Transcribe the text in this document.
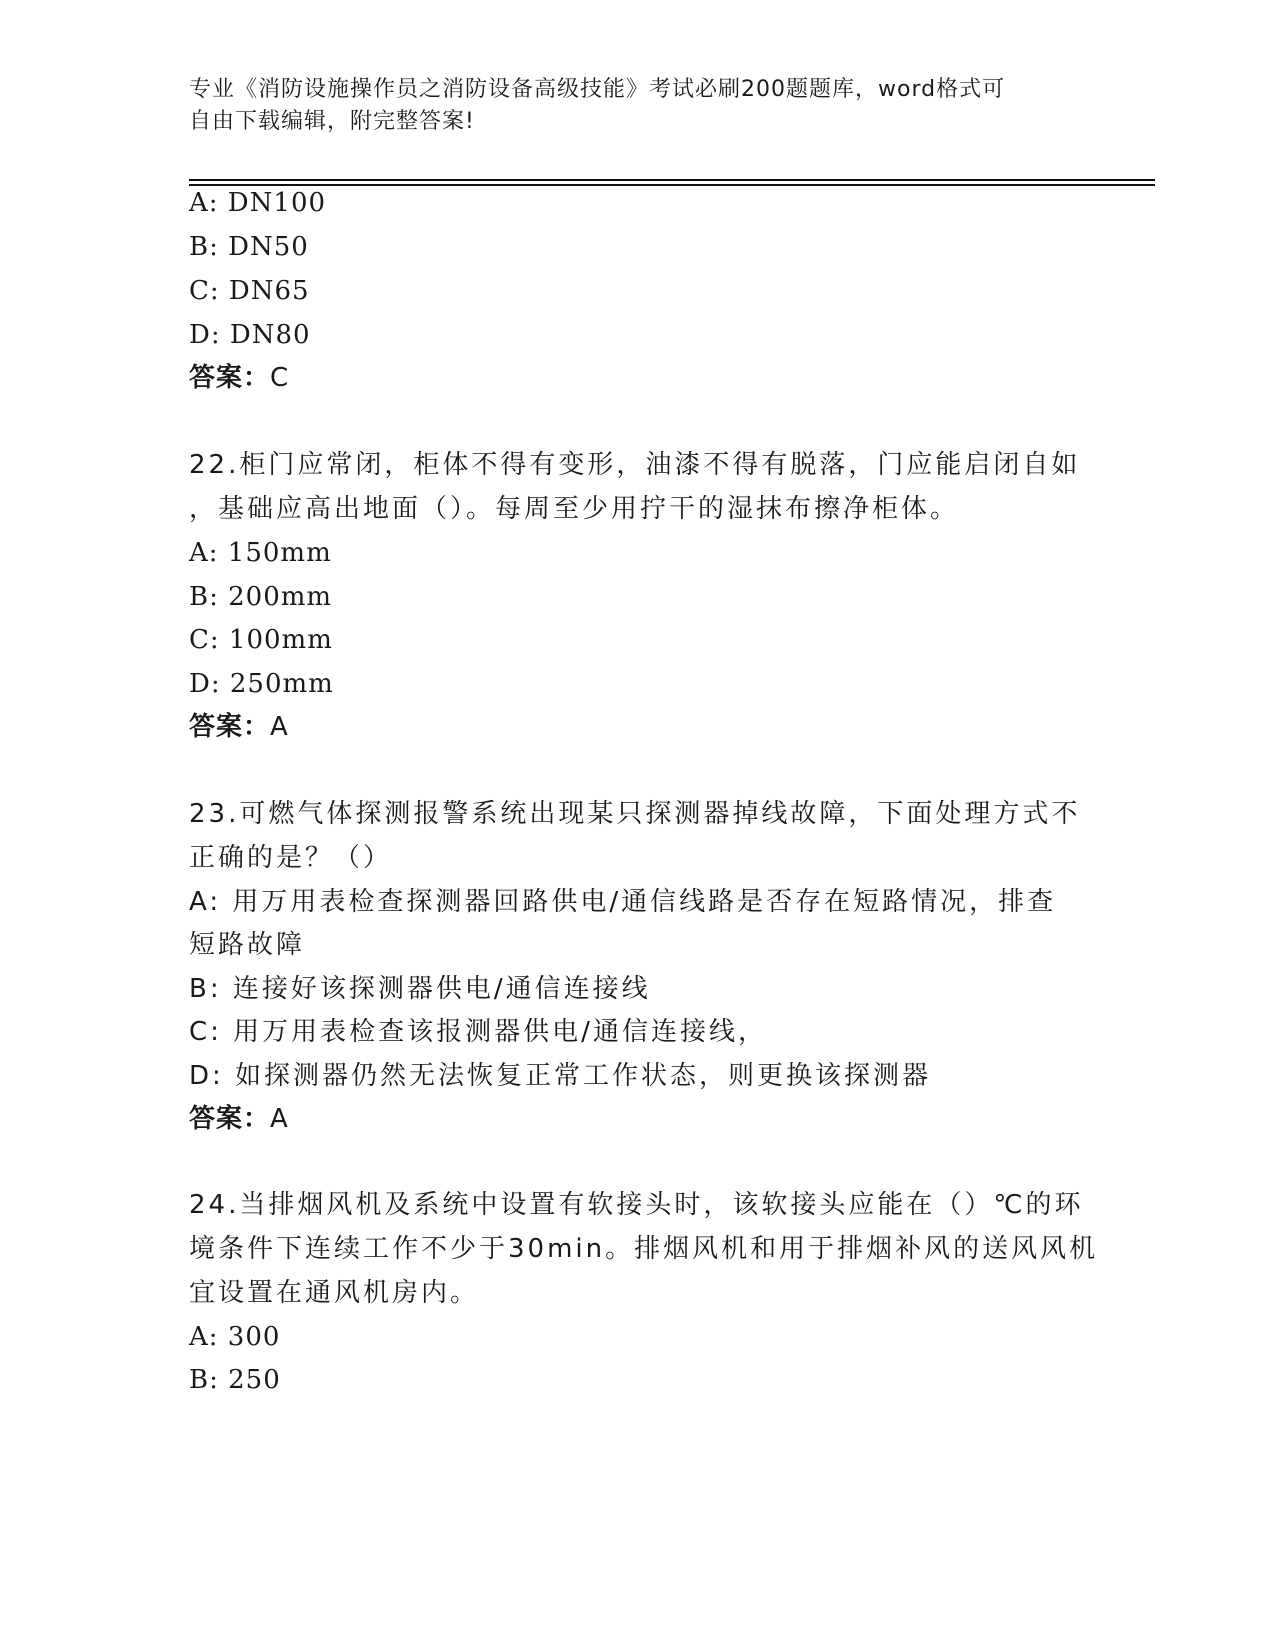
专业《消防设施操作员之消防设备高级技能》考试必刷200题题库，word格式可
自由下载编辑，附完整答案!
A: DN100
B: DN50
C: DN65
D: DN80
答案：C
22.柜门应常闭，柜体不得有变形，油漆不得有脱落，门应能启闭自如
，基础应高出地面（）。每周至少用拧干的湿抹布擦净柜体。
A: 150mm
B: 200mm
C: 100mm
D: 250mm
答案：A
23.可燃气体探测报警系统出现某只探测器掉线故障，下面处理方式不
正确的是？（）
A: 用万用表检查探测器回路供电/通信线路是否存在短路情况，排查
短路故障
B: 连接好该探测器供电/通信连接线
C: 用万用表检查该报测器供电/通信连接线，
D: 如探测器仍然无法恢复正常工作状态，则更换该探测器
答案：A
24.当排烟风机及系统中设置有软接头时，该软接头应能在（）℃的环
境条件下连续工作不少于30min。排烟风机和用于排烟补风的送风风机
宜设置在通风机房内。
A: 300
B: 250
